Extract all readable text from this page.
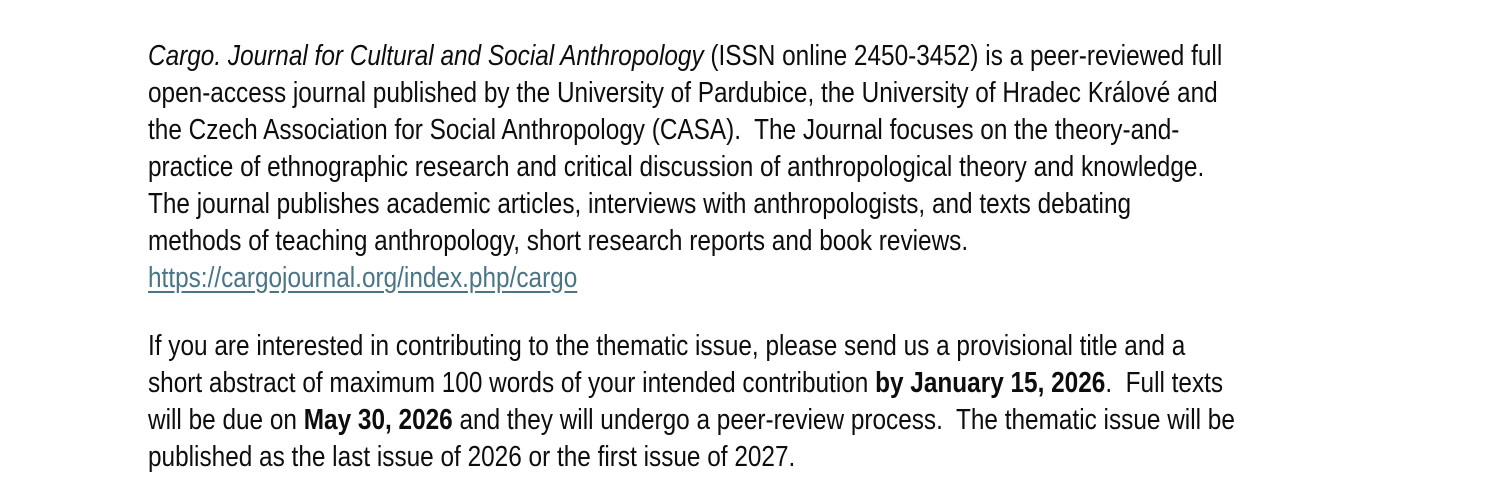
Cargo. Journal for Cultural and Social Anthropology (ISSN online 2450-3452) is a peer-reviewed full
open-access journal published by the University of Pardubice, the University of Hradec Králové and
the Czech Association for Social Anthropology (CASA).  The Journal focuses on the theory-and-
practice of ethnographic research and critical discussion of anthropological theory and knowledge.
The journal publishes academic articles, interviews with anthropologists, and texts debating
methods of teaching anthropology, short research reports and book reviews.
https://cargojournal.org/index.php/cargo
If you are interested in contributing to the thematic issue, please send us a provisional title and a
short abstract of maximum 100 words of your intended contribution by January 15, 2026.  Full texts
will be due on May 30, 2026 and they will undergo a peer-review process.  The thematic issue will be
published as the last issue of 2026 or the first issue of 2027.
